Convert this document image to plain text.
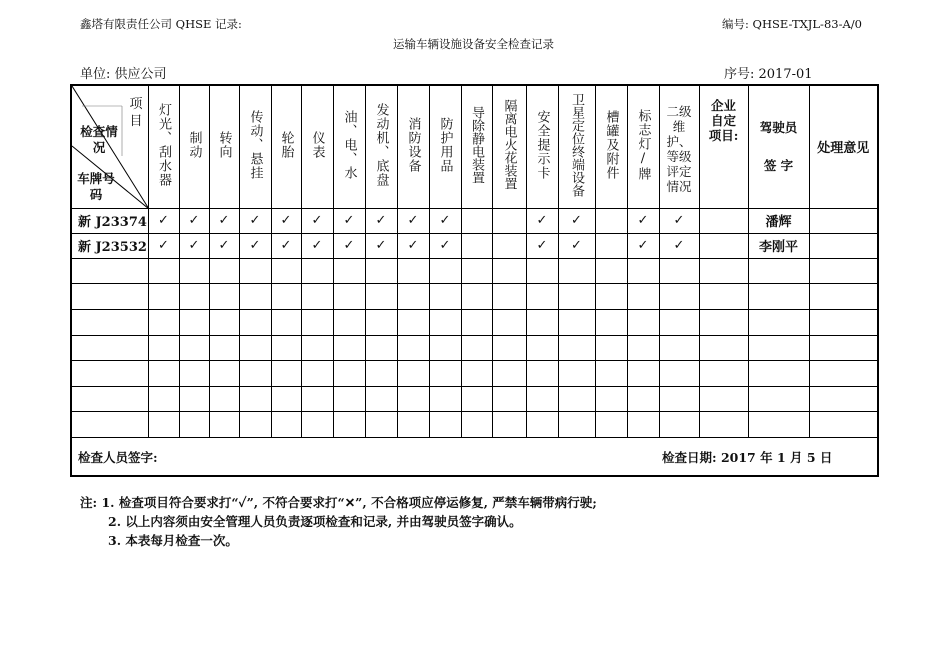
鑫塔有限责任公司 QHSE 记录:	编号: QHSE-TXJL-83-A/0
运输车辆设施设备安全检查记录
单位: 供应公司	序号: 2017-01
项目
检查情况
车牌号码	灯光、刮水器	制动	转向	传动、悬挂	轮胎	仪表	油、电、水	发动机、底盘	消防设备	防护用品	导除静电装置	隔离电火花装置	安全提示卡	卫星定位终端设备	槽罐及附件	标志灯/牌	二级维护、等级评定情况	企业自定项目:	驾驶员 签 字	处理意见
新 J23374	✓	✓	✓	✓	✓	✓	✓	✓	✓	✓			✓	✓		✓	✓		潘辉	
新 J23532	✓	✓	✓	✓	✓	✓	✓	✓	✓	✓			✓	✓		✓	✓		李刚平	

检查人员签字: 检查日期: 2017 年 1 月 5 日																				
注: 1. 检查项目符合要求打“✓”, 不符合要求打“✕”, 不合格项应停运修复, 严禁车辆带病行驶;
2. 以上内容须由安全管理人员负责逐项检查和记录, 并由驾驶员签字确认。
3. 本表每月检查一次。
